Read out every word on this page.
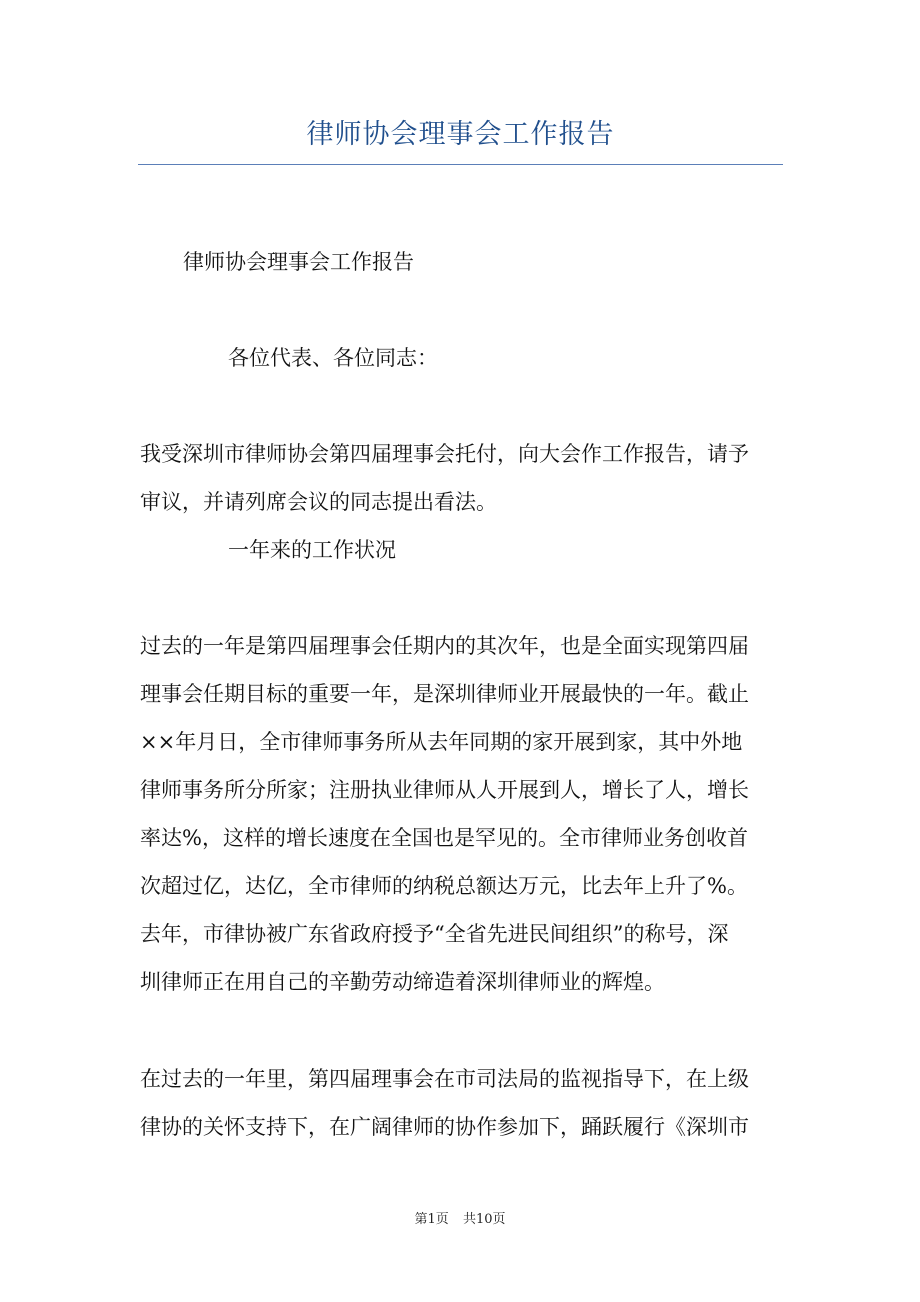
律师协会理事会工作报告

律师协会理事会工作报告

各位代表、各位同志：

我受深圳市律师协会第四届理事会托付，向大会作工作报告，请予
审议，并请列席会议的同志提出看法。

一年来的工作状况

过去的一年是第四届理事会任期内的其次年，也是全面实现第四届
理事会任期目标的重要一年，是深圳律师业开展最快的一年。截止
××年月日，全市律师事务所从去年同期的家开展到家，其中外地
律师事务所分所家；注册执业律师从人开展到人，增长了人，增长
率达%，这样的增长速度在全国也是罕见的。全市律师业务创收首
次超过亿，达亿，全市律师的纳税总额达万元，比去年上升了%。
去年，市律协被广东省政府授予“全省先进民间组织”的称号，深
圳律师正在用自己的辛勤劳动缔造着深圳律师业的辉煌。
在过去的一年里，第四届理事会在市司法局的监视指导下，在上级
律协的关怀支持下，在广阔律师的协作参加下，踊跃履行《深圳市
第1页 共10页
